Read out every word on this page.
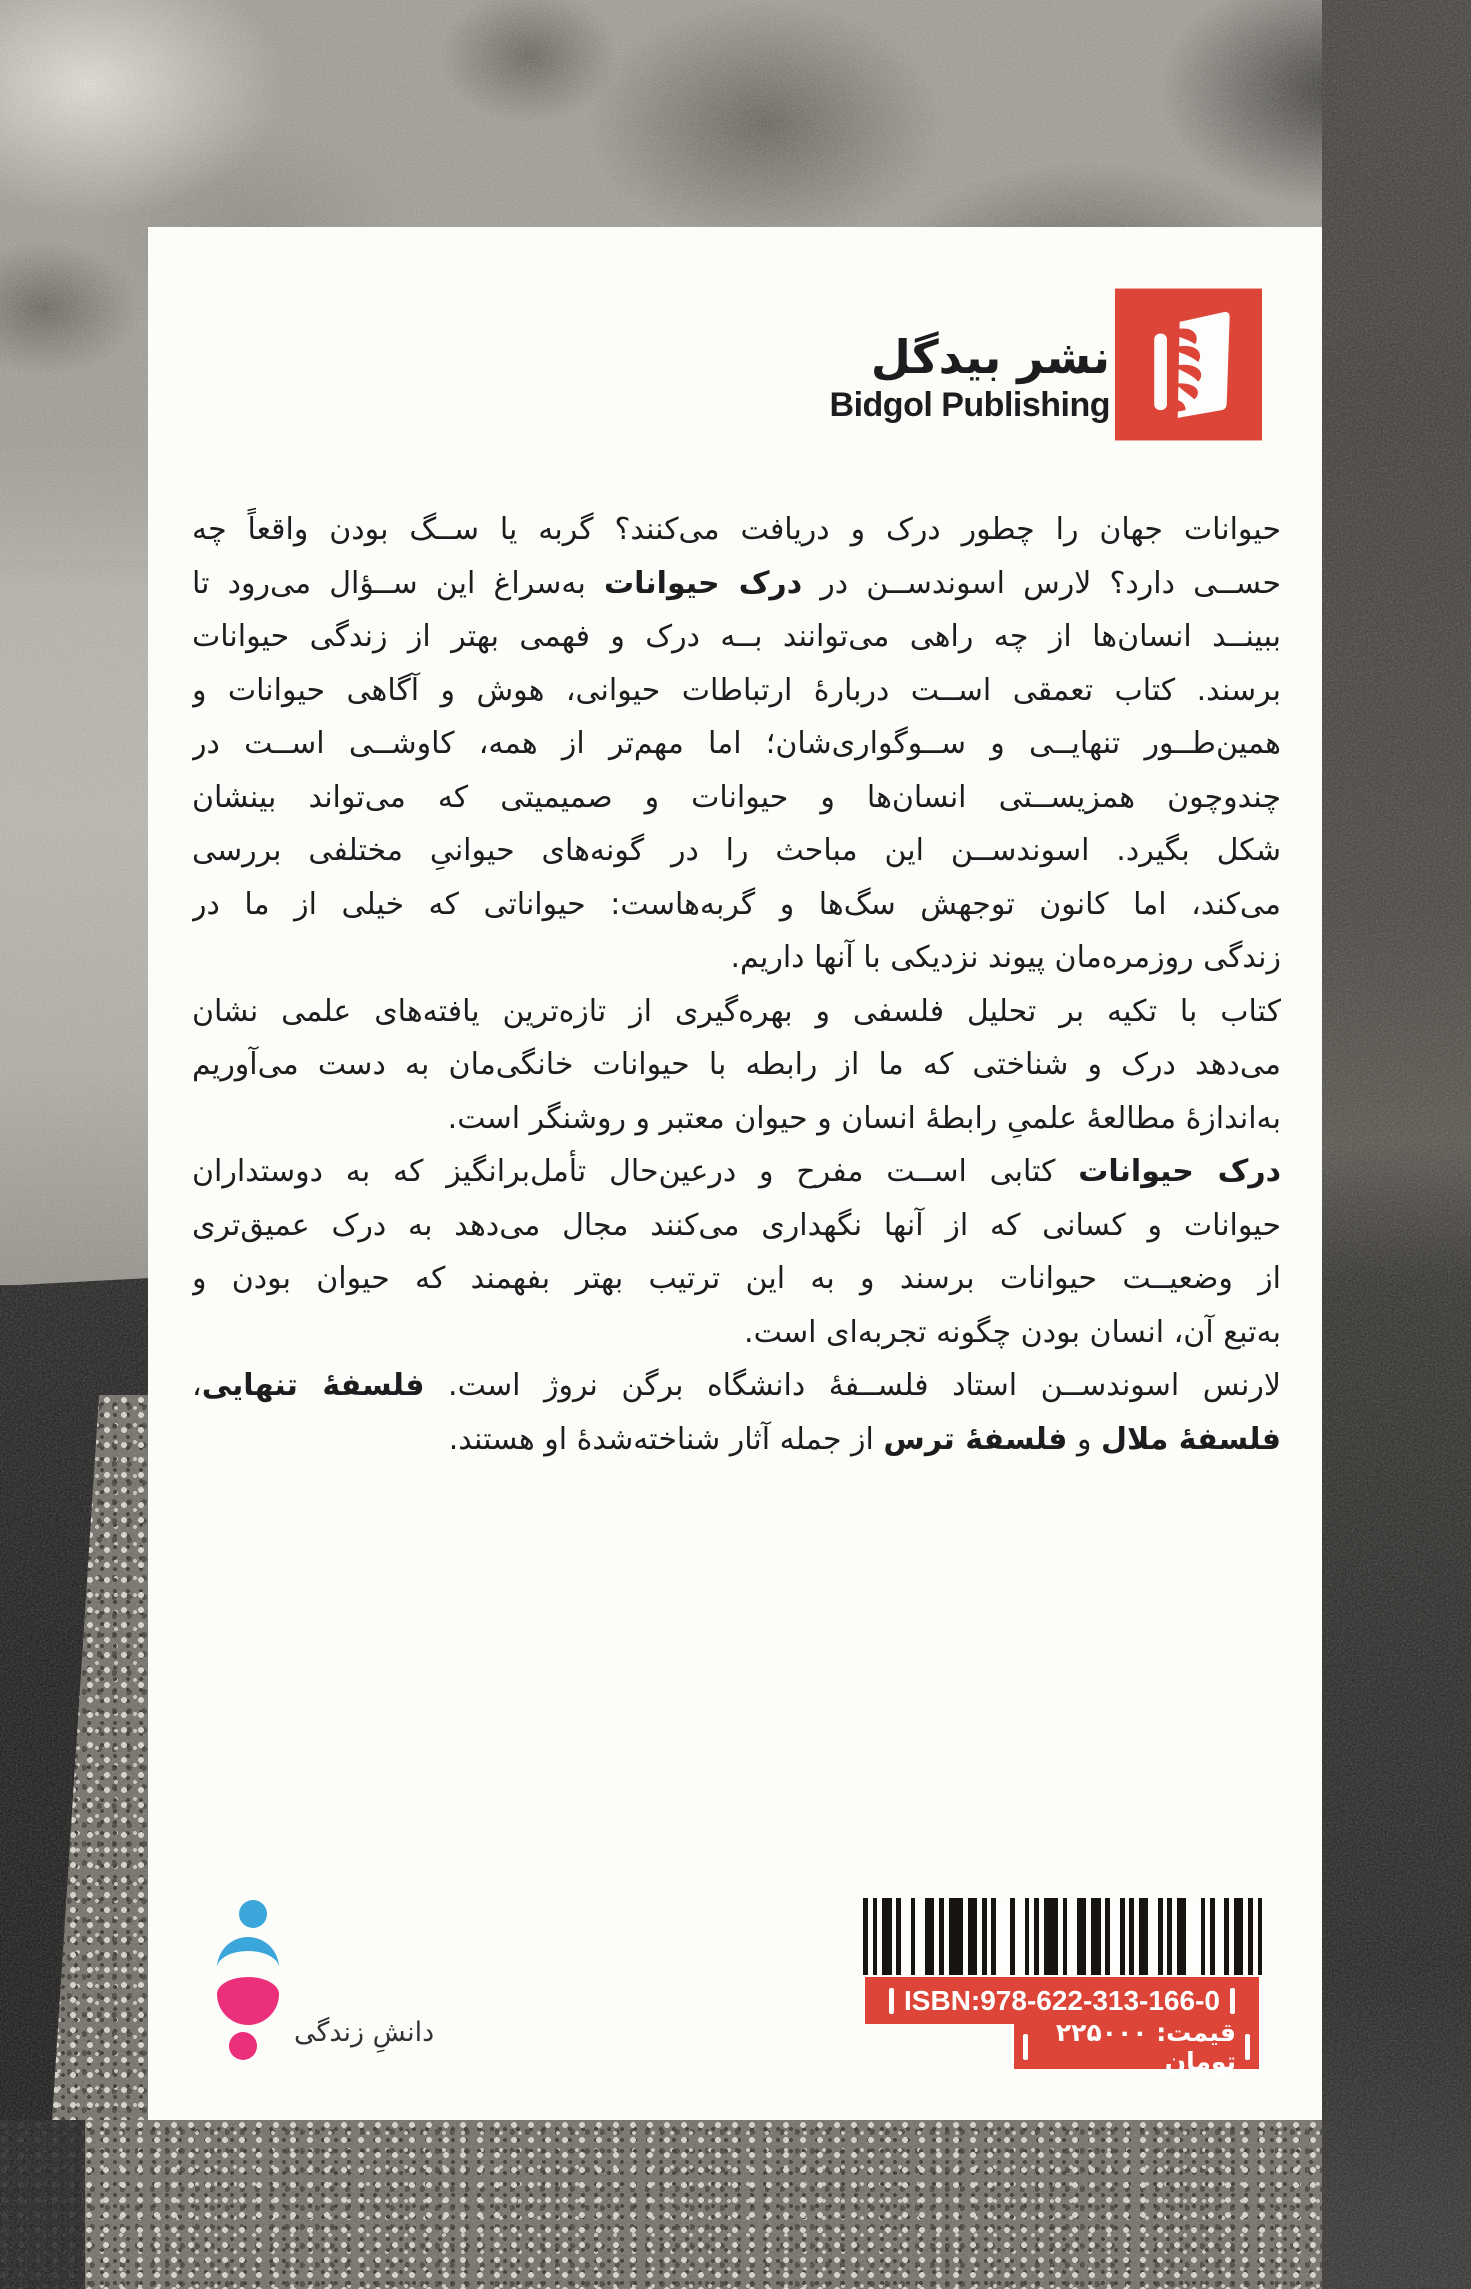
نشر بیدگل
Bidgol Publishing
حیوانات جهان را چطور درک و دریافت می‌کنند؟ گربه یا ســگ بودن واقعاً چه
حســی دارد؟ لارس اسوندســن در درک حیوانات به‌سراغ این ســؤال می‌رود تا
ببینــد انسان‌ها از چه راهی می‌توانند بــه درک و فهمی بهتر از زندگی حیوانات
برسند. کتاب تعمقی اســت دربارهٔ ارتباطات حیوانی، هوش و آگاهی حیوانات و
همین‌طــور تنهایــی و ســوگواری‌شان؛ اما مهم‌تر از همه، کاوشــی اســت در
چندوچون همزیســتی انسان‌ها و حیوانات و صمیمیتی که می‌تواند بینشان
شکل بگیرد. اسوندســن این مباحث را در گونه‌های حیوانیِ مختلفی بررسی
می‌کند، اما کانون توجهش سگ‌ها و گربه‌هاست: حیواناتی که خیلی از ما در
زندگی روزمره‌مان پیوند نزدیکی با آنها داریم.
کتاب با تکیه بر تحلیل فلسفی و بهره‌گیری از تازه‌ترین یافته‌های علمی نشان
می‌دهد درک و شناختی که ما از رابطه با حیوانات خانگی‌مان به دست می‌آوریم
به‌اندازهٔ مطالعهٔ علمیِ رابطهٔ انسان و حیوان معتبر و روشنگر است.
درک حیوانات کتابی اســت مفرح و درعین‌حال تأمل‌برانگیز که به دوستداران
حیوانات و کسانی که از آنها نگهداری می‌کنند مجال می‌دهد به درک عمیق‌تری
از وضعیــت حیوانات برسند و به این ترتیب بهتر بفهمند که حیوان بودن و
به‌تبع آن، انسان بودن چگونه تجربه‌ای است.
لارنس اسوندســن استاد فلســفهٔ دانشگاه برگن نروژ است. فلسفهٔ تنهایی،
فلسفهٔ ملال و فلسفهٔ ترس از جمله آثار شناخته‌شدهٔ او هستند.
دانشِ زندگی
ISBN:978-622-313-166-0
قیمت: ۲۲۵۰۰۰ تومان
